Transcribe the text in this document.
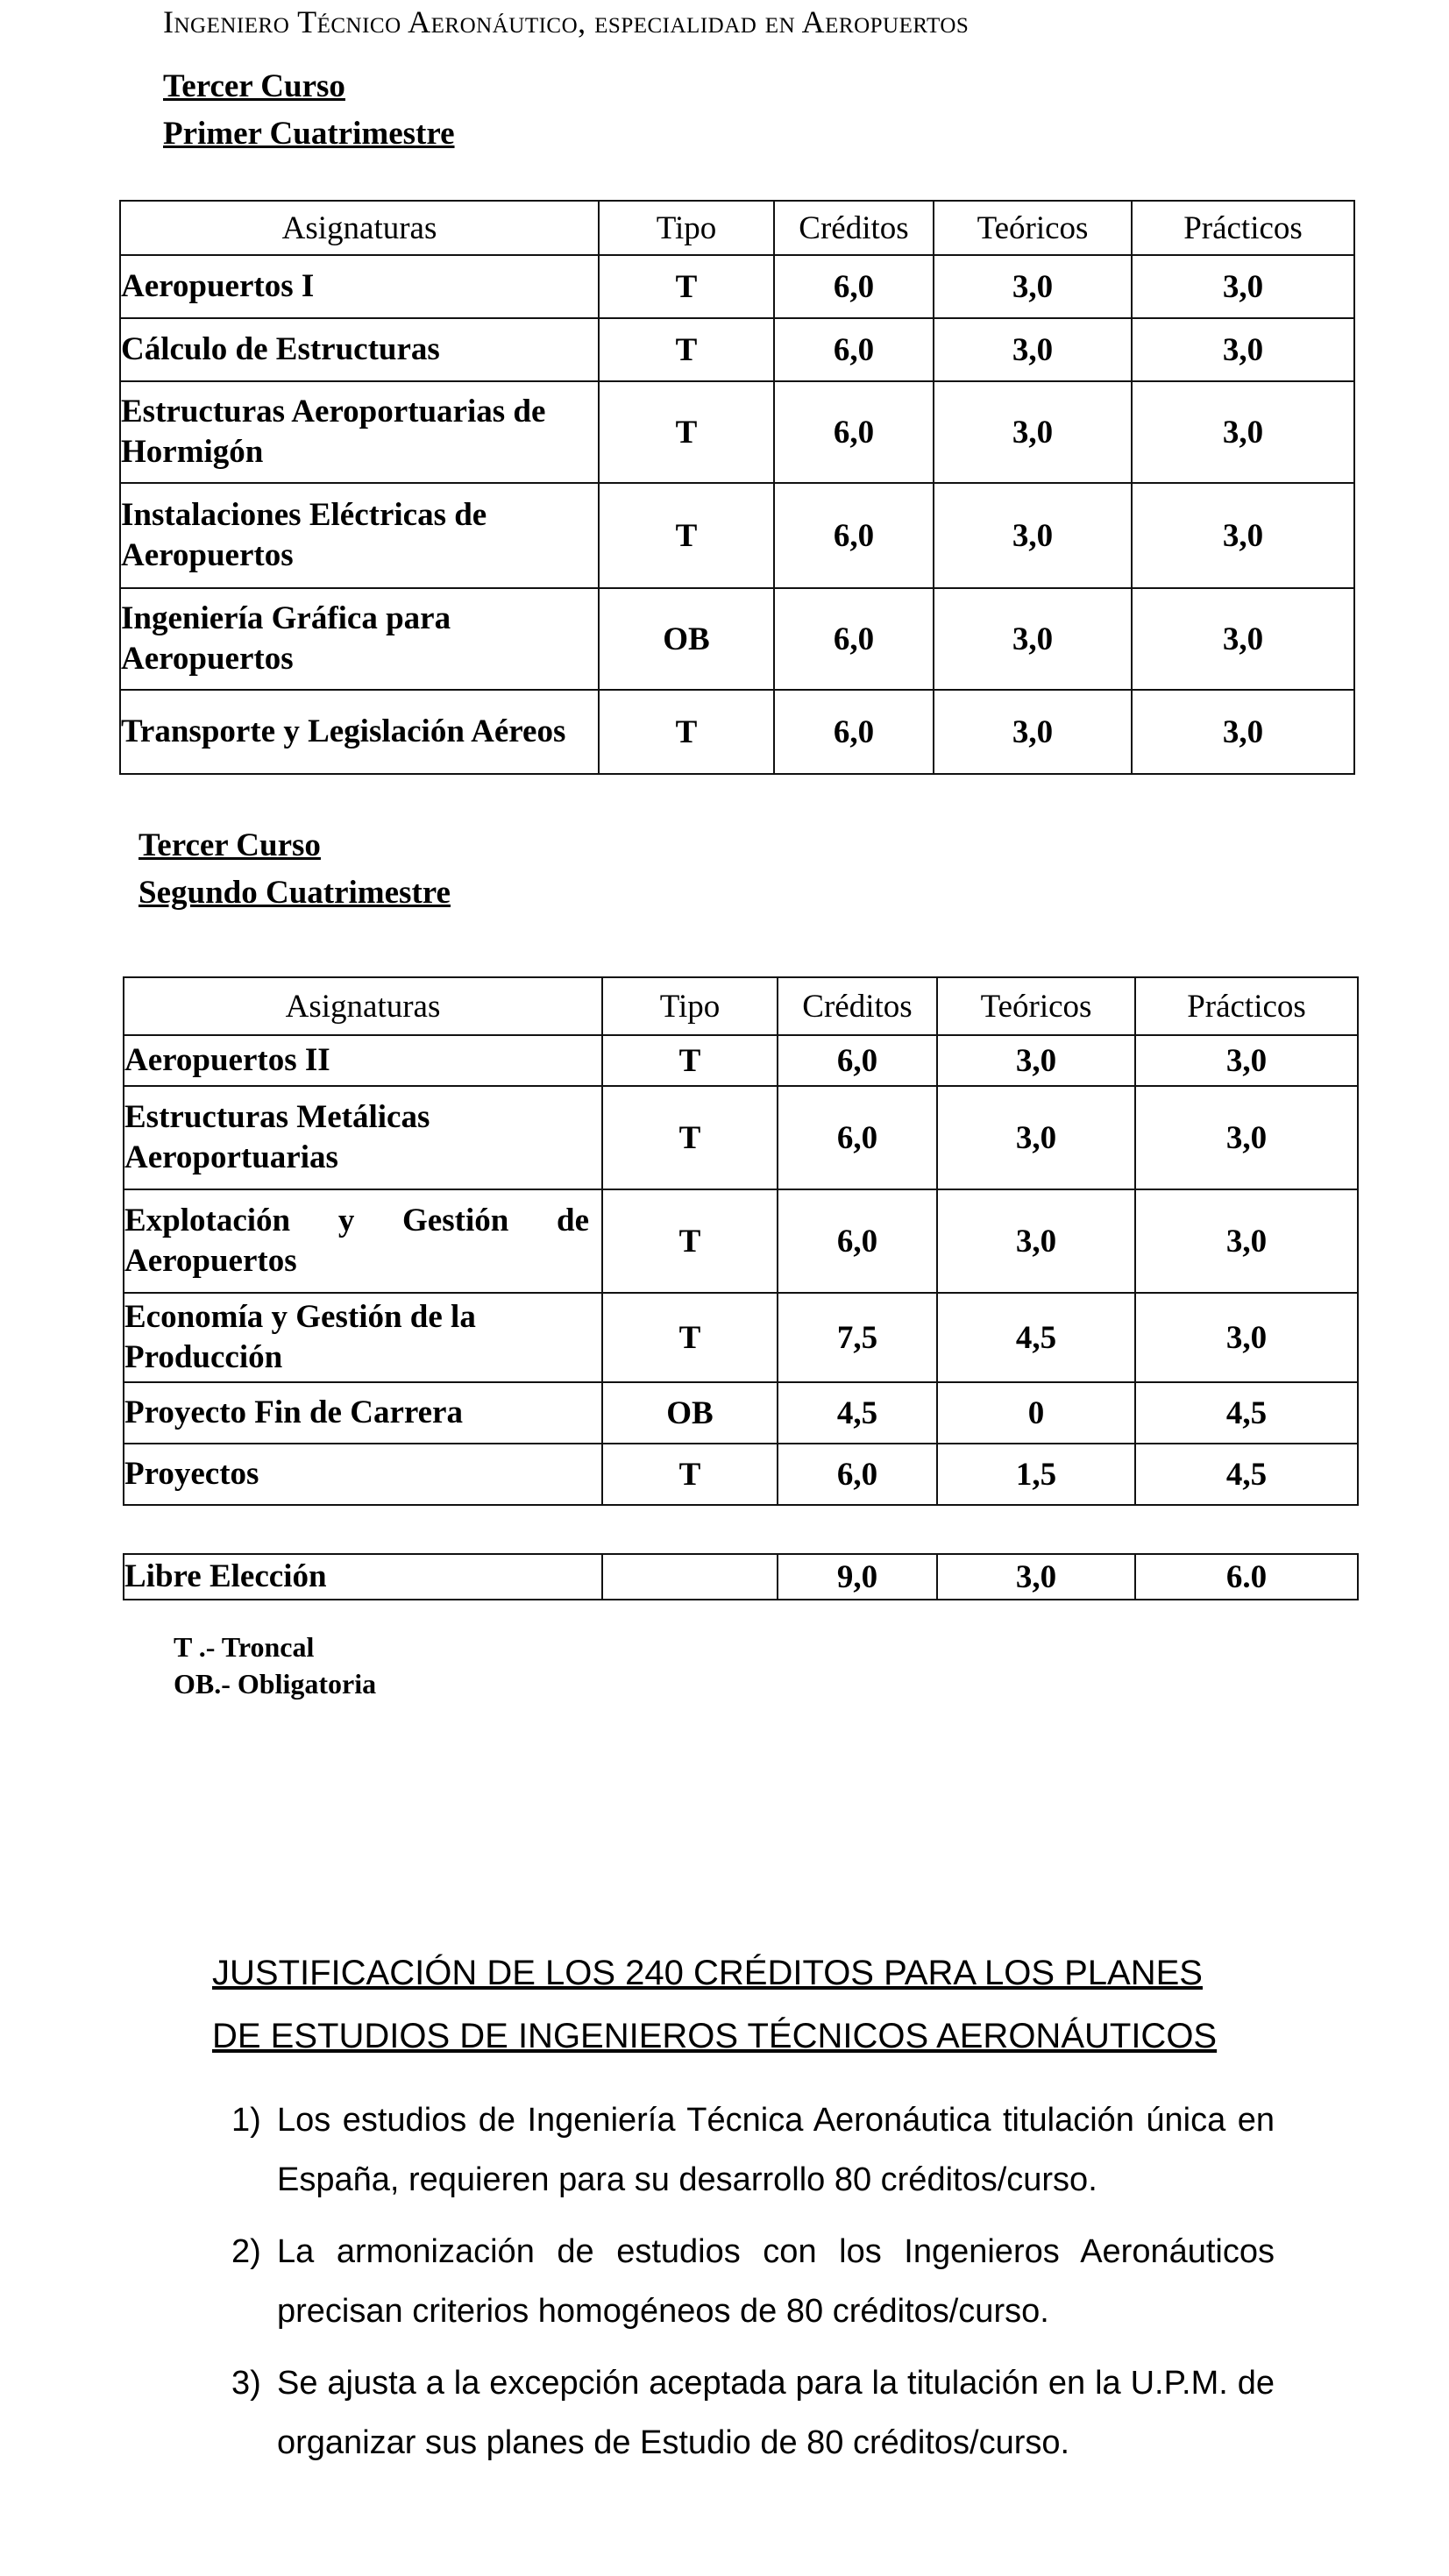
Ingeniero Técnico Aeronáutico, especialidad en Aeropuertos
Tercer Curso
Primer Cuatrimestre
Asignaturas	Tipo	Créditos	Teóricos	Prácticos
Aeropuertos I	T	6,0	3,0	3,0
Cálculo de Estructuras	T	6,0	3,0	3,0
Estructuras Aeroportuarias de Hormigón	T	6,0	3,0	3,0
Instalaciones Eléctricas de Aeropuertos	T	6,0	3,0	3,0
Ingeniería Gráfica para Aeropuertos	OB	6,0	3,0	3,0
Transporte y Legislación Aéreos	T	6,0	3,0	3,0
Tercer Curso
Segundo Cuatrimestre
Asignaturas	Tipo	Créditos	Teóricos	Prácticos
Aeropuertos II	T	6,0	3,0	3,0
Estructuras Metálicas Aeroportuarias	T	6,0	3,0	3,0
Explotación y Gestión de Aeropuertos	T	6,0	3,0	3,0
Economía y Gestión de la Producción	T	7,5	4,5	3,0
Proyecto Fin de Carrera	OB	4,5	0	4,5
Proyectos	T	6,0	1,5	4,5
Libre Elección		9,0	3,0	6.0
T .- Troncal
OB.- Obligatoria
JUSTIFICACIÓN DE LOS 240 CRÉDITOS PARA LOS PLANES
DE ESTUDIOS DE INGENIEROS TÉCNICOS AERONÁUTICOS
1) Los estudios de Ingeniería Técnica Aeronáutica titulación única en España, requieren para su desarrollo 80 créditos/curso.
2) La armonización de estudios con los Ingenieros Aeronáuticos precisan criterios homogéneos de 80 créditos/curso.
3) Se ajusta a la excepción aceptada para la titulación en la U.P.M. de organizar sus planes de Estudio de 80 créditos/curso.
